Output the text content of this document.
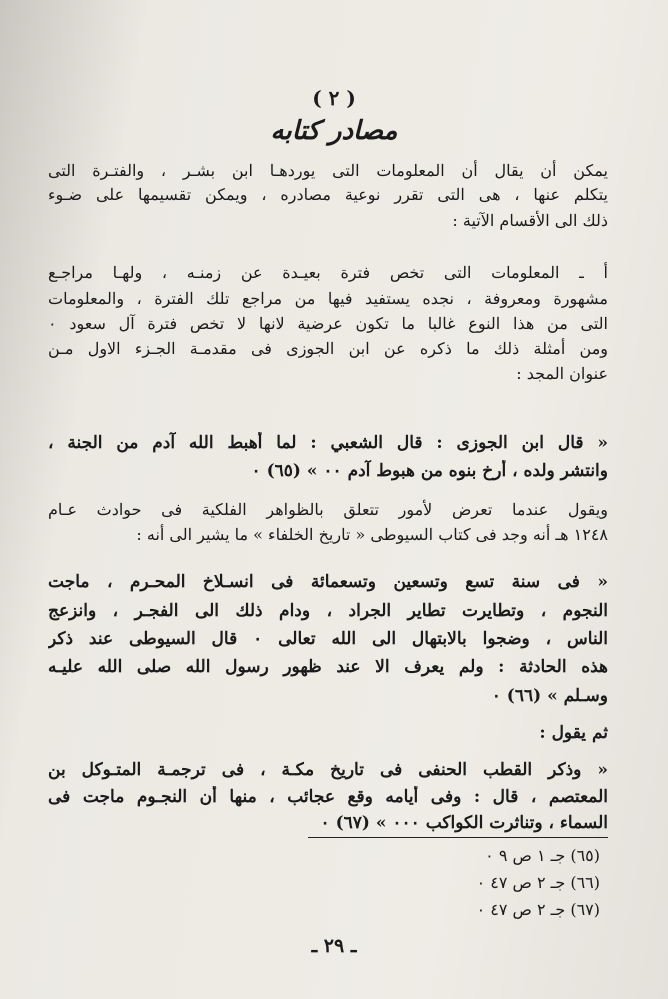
( ٢ )
مصادر كتابه
يمكن أن يقال أن المعلومات التى يوردهـا ابن بشـر ، والفتـرة التى
يتكلم عنها ، هى التى تقرر نوعية مصادره ، ويمكن تقسيمها على ضـوء
ذلك الى الأقسام الآتية :
أ ـ المعلومات التى تخص فترة بعيـدة عن زمنـه ، ولهـا مراجـع
مشهورة ومعروفة ، نجده يستفيد فيها من مراجع تلك الفترة ، والمعلومات
التى من هذا النوع غالبا ما تكون عرضية لانها لا تخص فترة آل سعود ٠
ومن أمثلة ذلك ما ذكره عن ابن الجوزى فى مقدمـة الجـزء الاول مـن
عنوان المجد :
« قال ابن الجوزى : قال الشعبي : لما أهبط الله آدم من الجنة ،
وانتشر ولده ، أرخ بنوه من هبوط آدم ٠٠ » (٦٥) ٠
ويقول عندما تعرض لأمور تتعلق بالظواهر الفلكية فى حوادث عـام
١٢٤٨ هـ أنه وجد فى كتاب السيوطى « تاريخ الخلفاء » ما يشير الى أنه :
« فى سنة تسع وتسعين وتسعمائة فى انسـلاخ المحـرم ، ماجت
النجوم ، وتطايرت تطاير الجراد ، ودام ذلك الى الفجـر ، وانزعج
الناس ، وضجوا بالابتهال الى الله تعالى ٠ قال السيوطى عند ذكر
هذه الحادثة : ولم يعرف الا عند ظهور رسول الله صلى الله عليـه
وسـلم » (٦٦) ٠
ثم يقول :
« وذكر القطب الحنفى فى تاريخ مكـة ، فى ترجمـة المتـوكل بن
المعتصم ، قال : وفى أيامه وقع عجائب ، منها أن النجـوم ماجت فى
السماء ، وتناثرت الكواكب ٠٠٠ » (٦٧) ٠
(٦٥) جـ ١ ص ٩ ٠
(٦٦) جـ ٢ ص ٤٧ ٠
(٦٧) جـ ٢ ص ٤٧ ٠
ـ ٢٩ ـ
